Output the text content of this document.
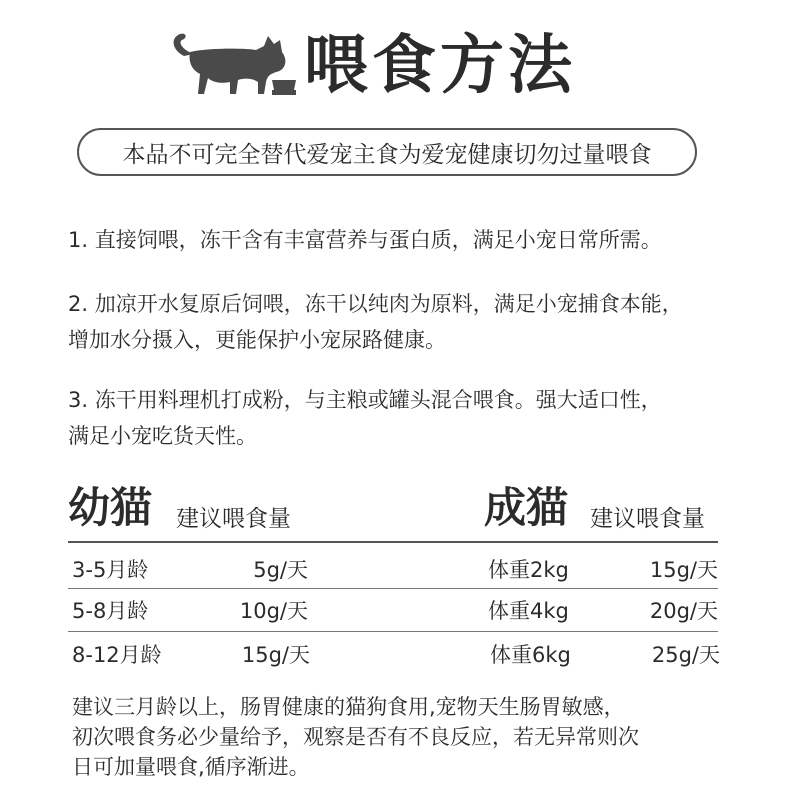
喂食方法
本品不可完全替代爱宠主食为爱宠健康切勿过量喂食
1. 直接饲喂，冻干含有丰富营养与蛋白质，满足小宠日常所需。
2. 加凉开水复原后饲喂，冻干以纯肉为原料，满足小宠捕食本能，
增加水分摄入，更能保护小宠尿路健康。
3. 冻干用料理机打成粉，与主粮或罐头混合喂食。强大适口性，
满足小宠吃货天性。
幼猫 建议喂食量	成猫 建议喂食量
3-5月龄	5g/天
5-8月龄	10g/天
8-12月龄	15g/天
体重2kg	15g/天
体重4kg	20g/天
体重6kg	25g/天
建议三月龄以上，肠胃健康的猫狗食用,宠物天生肠胃敏感，
初次喂食务必少量给予，观察是否有不良反应，若无异常则次
日可加量喂食,循序渐进。
